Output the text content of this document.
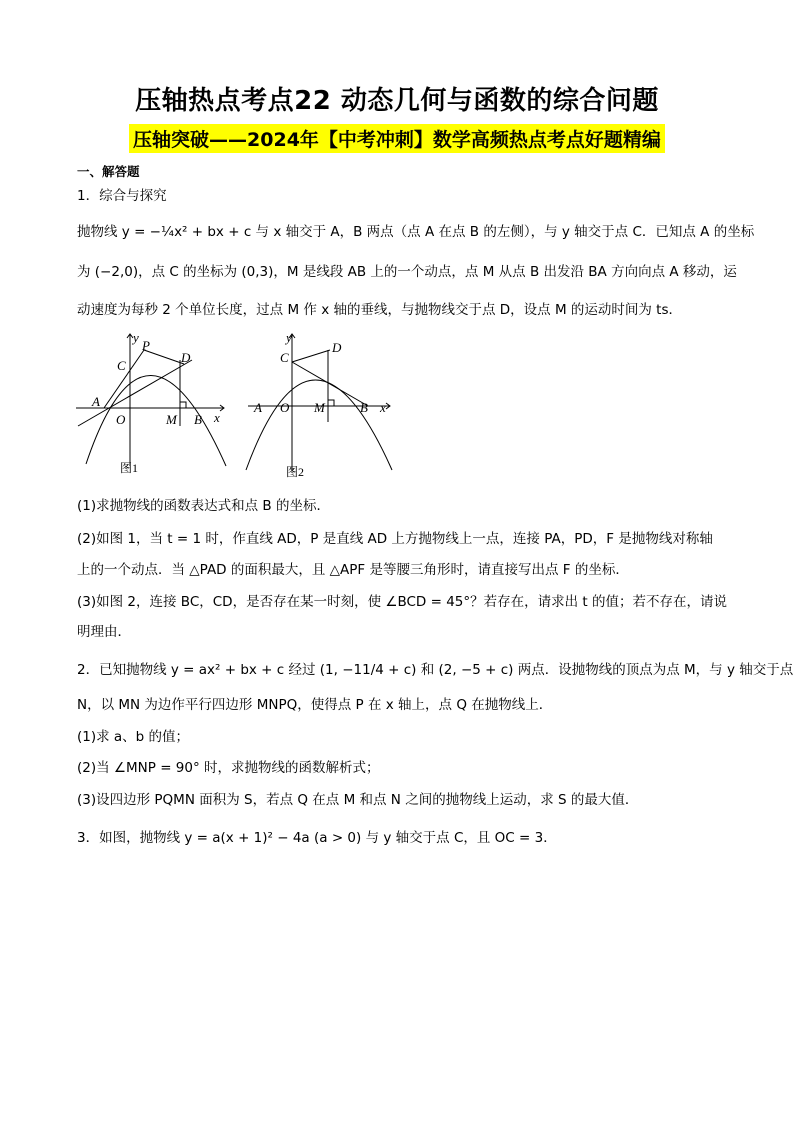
压轴热点考点22 动态几何与函数的综合问题
压轴突破——2024年【中考冲刺】数学高频热点考点好题精编
一、解答题
1．综合与探究
抛物线 y = −¼x² + bx + c 与 x 轴交于 A，B 两点（点 A 在点 B 的左侧），与 y 轴交于点 C．已知点 A 的坐标
为 (−2,0)，点 C 的坐标为 (0,3)，M 是线段 AB 上的一个动点，点 M 从点 B 出发沿 BA 方向向点 A 移动，运
动速度为每秒 2 个单位长度，过点 M 作 x 轴的垂线，与抛物线交于点 D，设点 M 的运动时间为 ts．
y
x
C
P
D
A
O	M B
图1
y
x
C
D
A O M	B
图2
(1)求抛物线的函数表达式和点 B 的坐标．
(2)如图 1，当 t = 1 时，作直线 AD，P 是直线 AD 上方抛物线上一点，连接 PA，PD，F 是抛物线对称轴
上的一个动点．当 △PAD 的面积最大，且 △APF 是等腰三角形时，请直接写出点 F 的坐标．
(3)如图 2，连接 BC，CD，是否存在某一时刻，使 ∠BCD = 45°？若存在，请求出 t 的值；若不存在，请说
明理由．
2．已知抛物线 y = ax² + bx + c 经过 (1, −11/4 + c) 和 (2, −5 + c) 两点．设抛物线的顶点为点 M，与 y 轴交于点
N，以 MN 为边作平行四边形 MNPQ，使得点 P 在 x 轴上，点 Q 在抛物线上．
(1)求 a、b 的值；
(2)当 ∠MNP = 90° 时，求抛物线的函数解析式；
(3)设四边形 PQMN 面积为 S，若点 Q 在点 M 和点 N 之间的抛物线上运动，求 S 的最大值．
3．如图，抛物线 y = a(x + 1)² − 4a (a > 0) 与 y 轴交于点 C，且 OC = 3．
